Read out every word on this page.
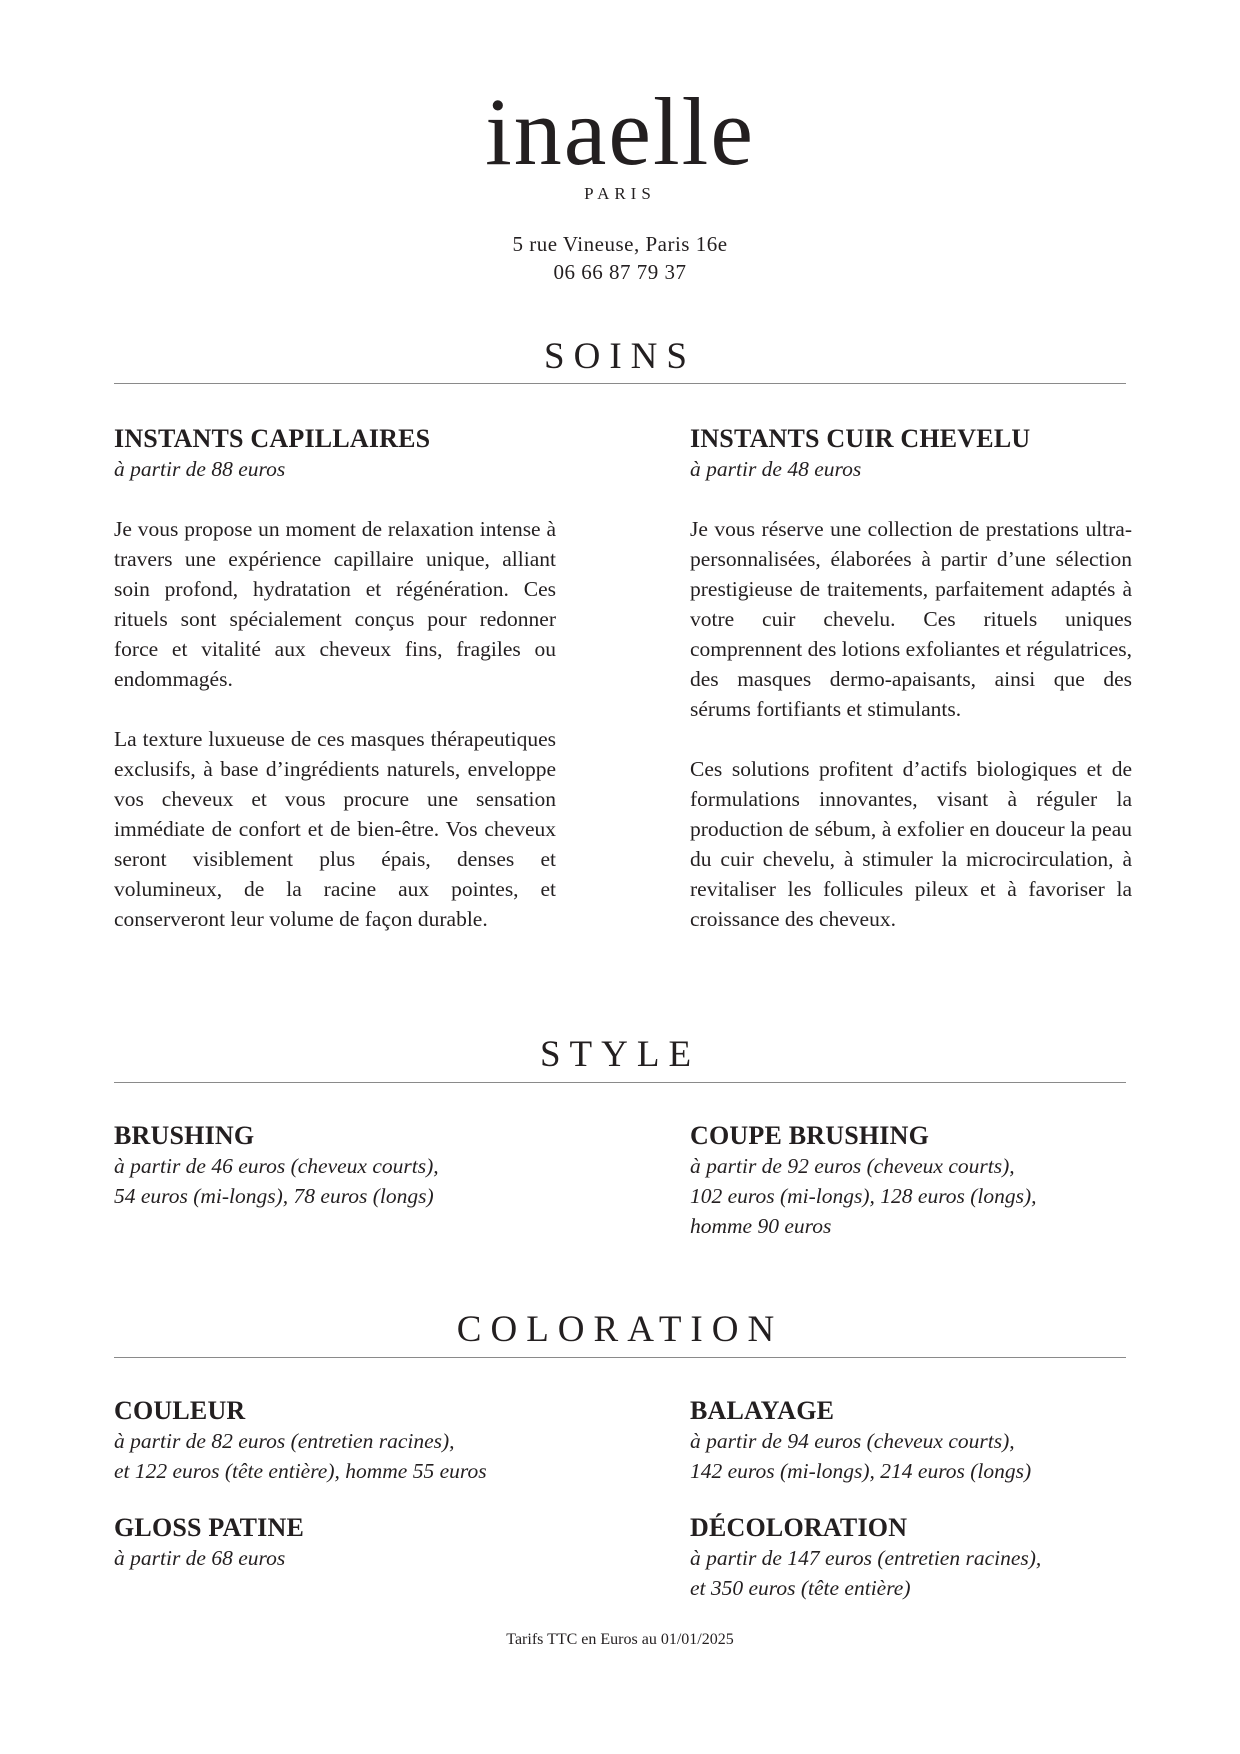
inaelle
PARIS
5 rue Vineuse, Paris 16e
06 66 87 79 37
SOINS

INSTANTS CAPILLAIRES

à partir de 88 euros

Je vous propose un moment de relaxation intense à travers une expérience capillaire unique, alliant soin profond, hydratation et régénération. Ces rituels sont spécialement conçus pour redonner force et vitalité aux cheveux fins, fragiles ou endommagés.

La texture luxueuse de ces masques thérapeutiques exclusifs, à base d’ingrédients naturels, enveloppe vos cheveux et vous procure une sensation immédiate de confort et de bien-être. Vos cheveux seront visiblement plus épais, denses et volumineux, de la racine aux pointes, et conserveront leur volume de façon durable.

INSTANTS CUIR CHEVELU

à partir de 48 euros

Je vous réserve une collection de prestations ultra-personnalisées, élaborées à partir d’une sélection prestigieuse de traitements, parfaitement adaptés à votre cuir chevelu. Ces rituels uniques comprennent des lotions exfoliantes et régulatrices, des masques dermo-apaisants, ainsi que des sérums fortifiants et stimulants.

Ces solutions profitent d’actifs biologiques et de formulations innovantes, visant à réguler la production de sébum, à exfolier en douceur la peau du cuir chevelu, à stimuler la microcirculation, à revitaliser les follicules pileux et à favoriser la croissance des cheveux.

STYLE

BRUSHING

à partir de 46 euros (cheveux courts),

54 euros (mi-longs), 78 euros (longs)

COUPE BRUSHING

à partir de 92 euros (cheveux courts),

102 euros (mi-longs), 128 euros (longs),

homme 90 euros

COLORATION

COULEUR

à partir de 82 euros (entretien racines),

et 122 euros (tête entière), homme 55 euros

BALAYAGE

à partir de 94 euros (cheveux courts),

142 euros (mi-longs), 214 euros (longs)

GLOSS PATINE

à partir de 68 euros

DÉCOLORATION

à partir de 147 euros (entretien racines),

et 350 euros (tête entière)

Tarifs TTC en Euros au 01/01/2025
